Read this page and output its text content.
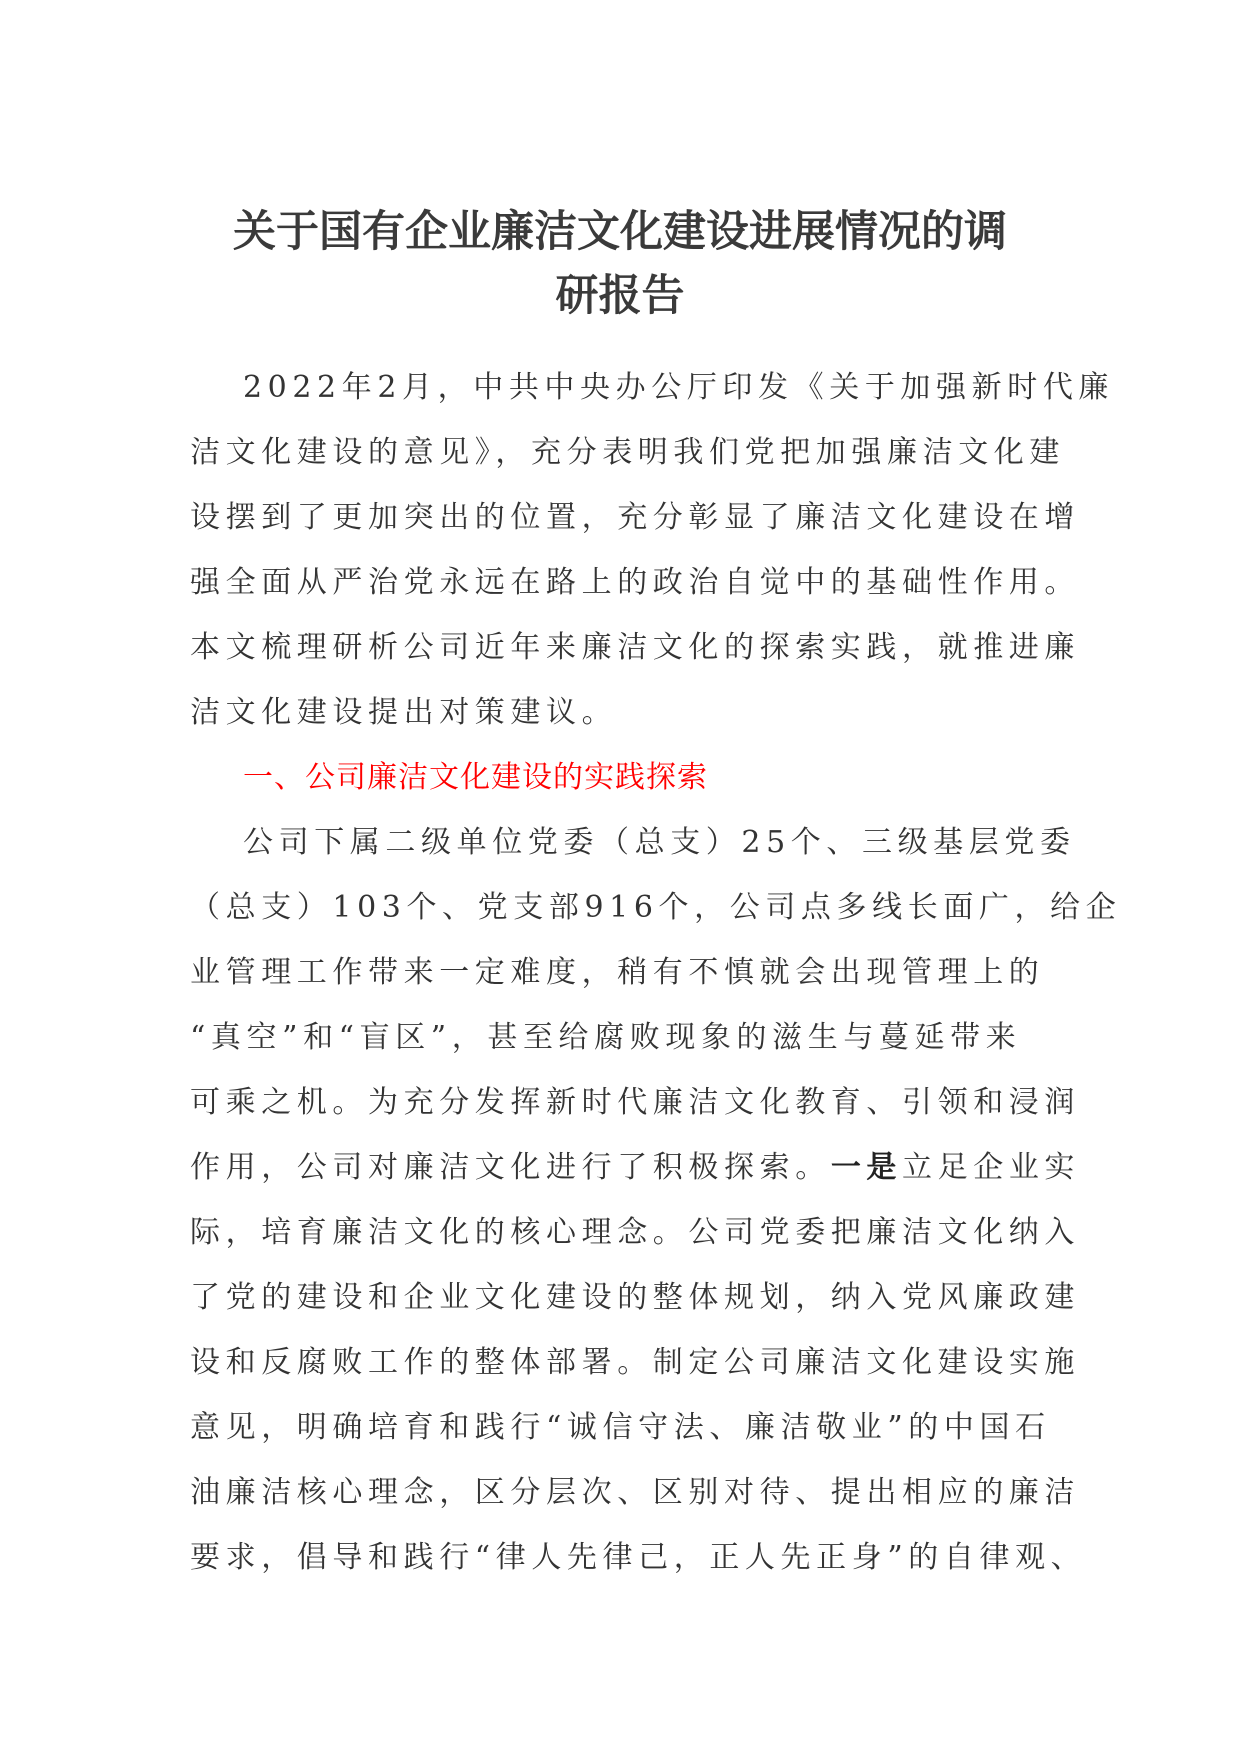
关于国有企业廉洁文化建设进展情况的调
研报告
2022年2月，中共中央办公厅印发《关于加强新时代廉
洁文化建设的意见》，充分表明我们党把加强廉洁文化建
设摆到了更加突出的位置，充分彰显了廉洁文化建设在增
强全面从严治党永远在路上的政治自觉中的基础性作用。
本文梳理研析公司近年来廉洁文化的探索实践，就推进廉
洁文化建设提出对策建议。
一、公司廉洁文化建设的实践探索
公司下属二级单位党委（总支）25个、三级基层党委
（总支）103个、党支部916个，公司点多线长面广，给企
业管理工作带来一定难度，稍有不慎就会出现管理上的
“真空”和“盲区”，甚至给腐败现象的滋生与蔓延带来
可乘之机。为充分发挥新时代廉洁文化教育、引领和浸润
作用，公司对廉洁文化进行了积极探索。一是立足企业实
际，培育廉洁文化的核心理念。公司党委把廉洁文化纳入
了党的建设和企业文化建设的整体规划，纳入党风廉政建
设和反腐败工作的整体部署。制定公司廉洁文化建设实施
意见，明确培育和践行“诚信守法、廉洁敬业”的中国石
油廉洁核心理念，区分层次、区别对待、提出相应的廉洁
要求，倡导和践行“律人先律己，正人先正身”的自律观、
